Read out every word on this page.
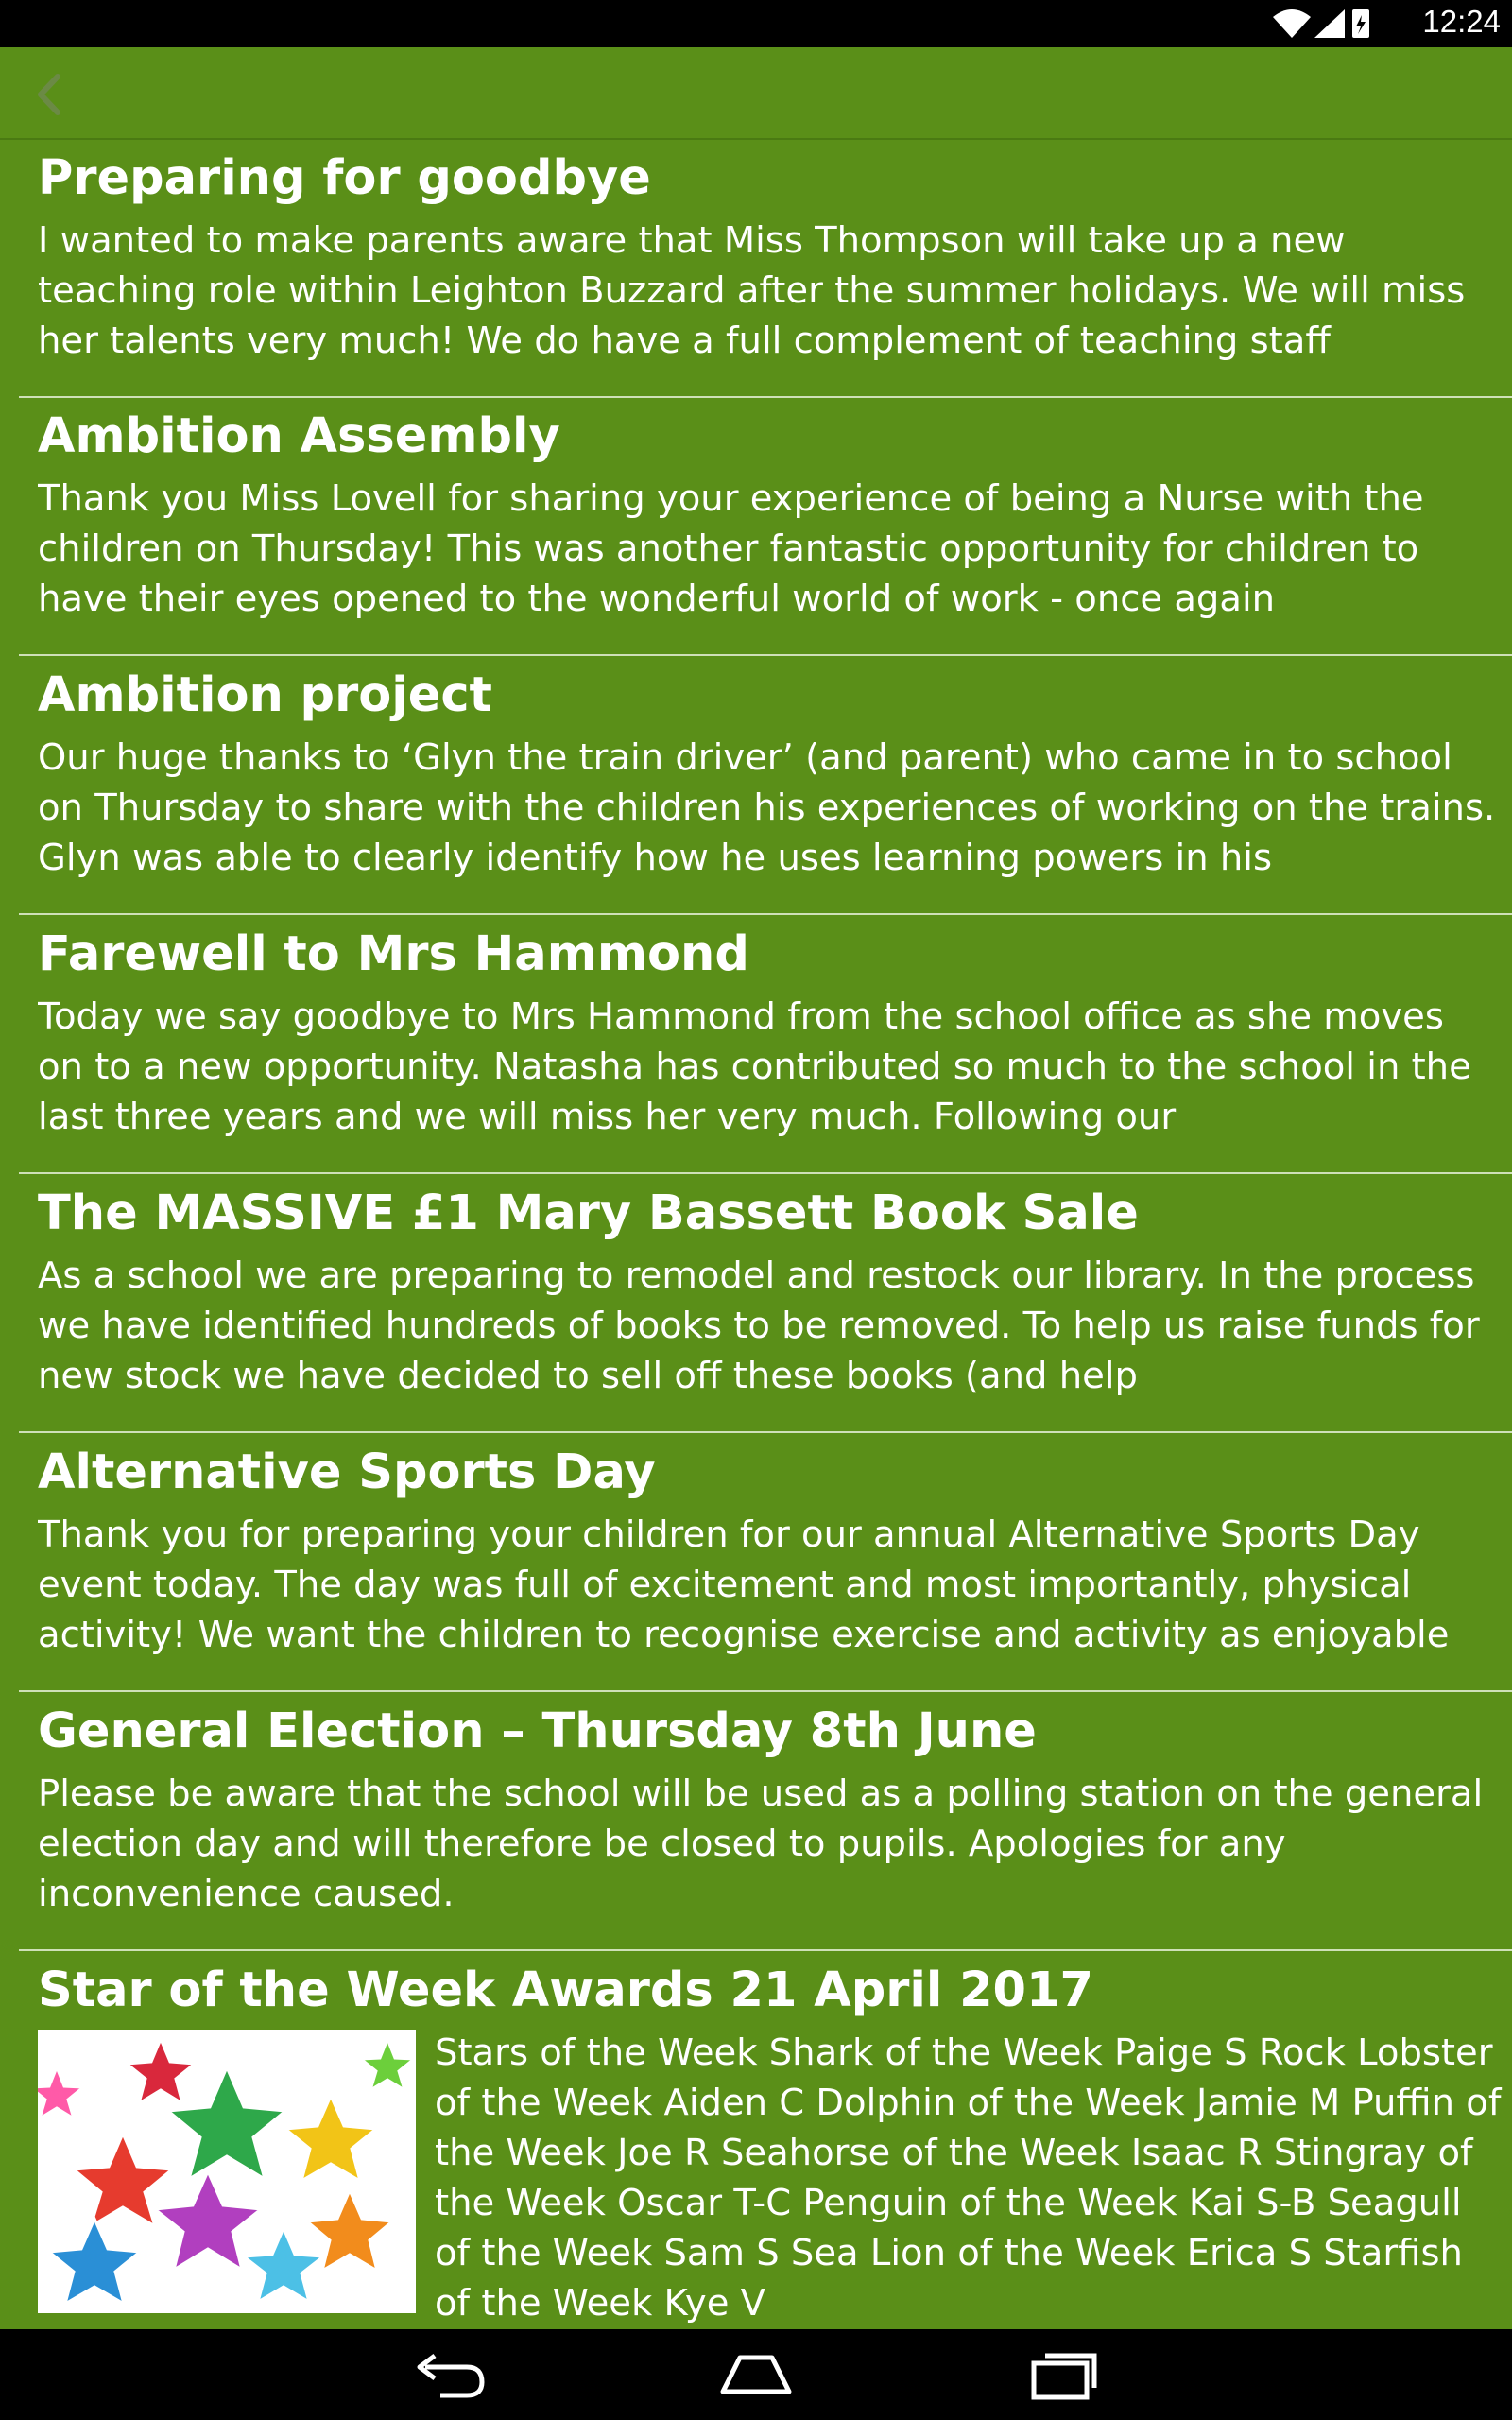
12:24
Preparing for goodbye
I wanted to make parents aware that Miss Thompson will take up a new teaching role within Leighton Buzzard after the summer holidays. We will miss her talents very much! We do have a full complement of teaching staff
Ambition Assembly
Thank you Miss Lovell for sharing your experience of being a Nurse with the children on Thursday! This was another fantastic opportunity for children to have their eyes opened to the wonderful world of work - once again
Ambition project
Our huge thanks to ‘Glyn the train driver’ (and parent) who came in to school on Thursday to share with the children his experiences of working on the trains. Glyn was able to clearly identify how he uses learning powers in his
Farewell to Mrs Hammond
Today we say goodbye to Mrs Hammond from the school office as she moves on to a new opportunity. Natasha has contributed so much to the school in the last three years and we will miss her very much. Following our
The MASSIVE £1 Mary Bassett Book Sale
As a school we are preparing to remodel and restock our library. In the process we have identified hundreds of books to be removed. To help us raise funds for new stock we have decided to sell off these books (and help
Alternative Sports Day
Thank you for preparing your children for our annual Alternative Sports Day event today. The day was full of excitement and most importantly, physical activity! We want the children to recognise exercise and activity as enjoyable
General Election – Thursday 8th June
Please be aware that the school will be used as a polling station on the general election day and will therefore be closed to pupils. Apologies for any inconvenience caused.
Star of the Week Awards 21 April 2017
Stars of the Week Shark of the Week Paige S Rock Lobster of the Week Aiden C Dolphin of the Week Jamie M Puffin of the Week Joe R Seahorse of the Week Isaac R Stingray of the Week Oscar T-C Penguin of the Week Kai S-B Seagull of the Week Sam S Sea Lion of the Week Erica S Starfish of the Week Kye V
